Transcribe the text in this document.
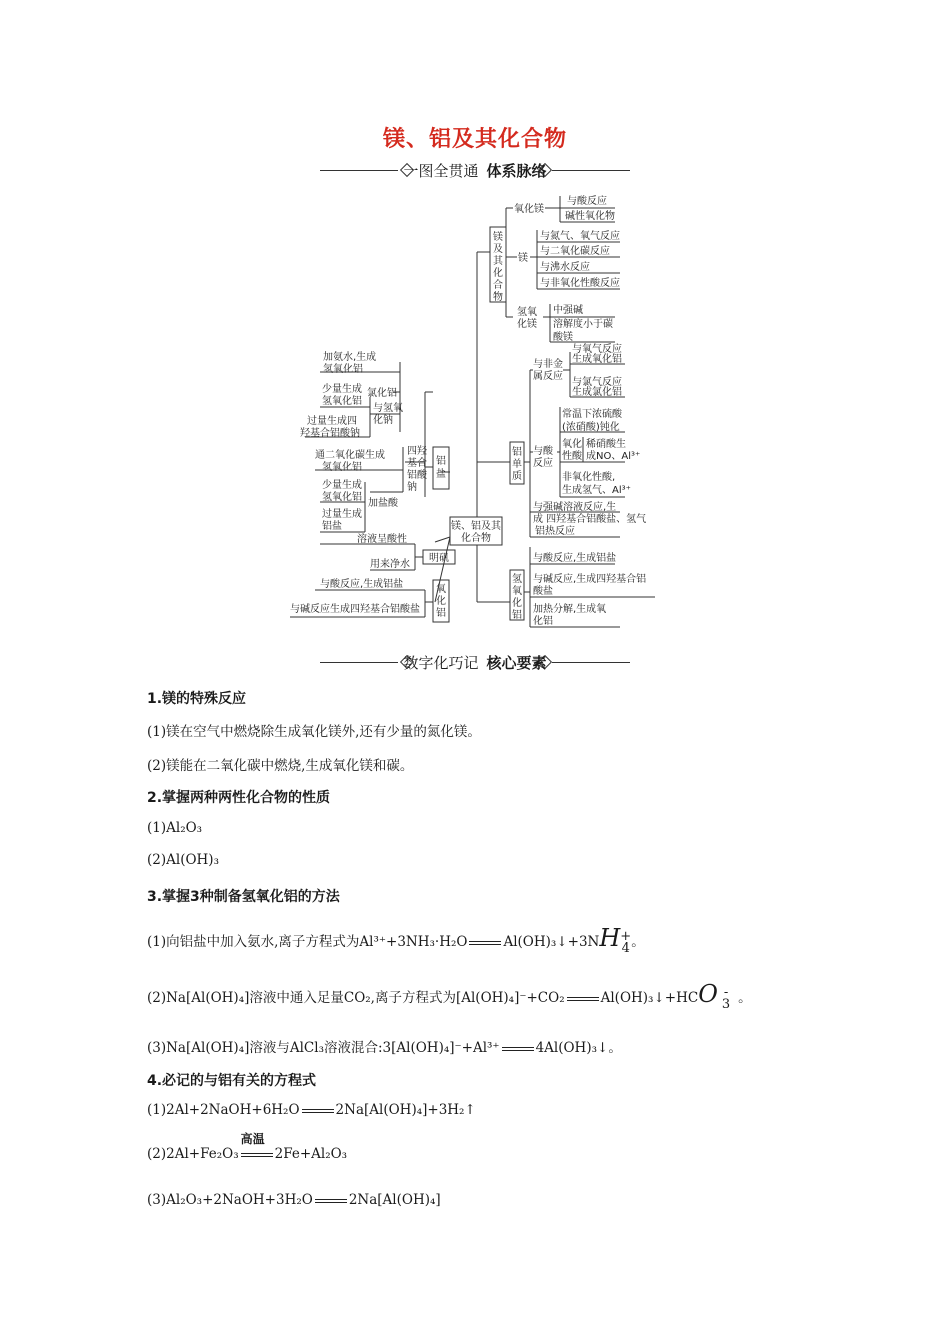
镁、铝及其化合物
一图全贯通 体系脉络
镁、铝及其
化合物
镁
及
其
化
合
物
氧化镁
与酸反应
碱性氧化物
镁
与氮气、氧气反应
与二氧化碳反应
与沸水反应
与非氧化性酸反应
氢氧
化镁
中强碱
溶解度小于碳
酸镁
铝
单
质
与非金
属反应
与氧气反应
生成氧化铝
与氯气反应
生成氯化铝
与酸
反应
常温下浓硫酸
(浓硝酸)钝化
氧化
性酸
稀硝酸生
成NO、Al³⁺
非氧化性酸,
生成氢气、Al³⁺
与强碱溶液反应,生
成 四羟基合铝酸盐、氢气
铝热反应
氢
氧
化
铝
与酸反应,生成铝盐
与碱反应,生成四羟基合铝
酸盐
加热分解,生成氧
化铝
铝
盐
氯化铝
加氨水,生成
氢氧化铝
少量生成
氢氧化铝
过量生成四
羟基合铝酸钠
与氢氧
化钠
四羟
基合
铝酸
钠
通二氧化碳生成
氢氧化铝
少量生成
氢氧化铝
过量生成
铝盐
加盐酸
明矾
溶液呈酸性
用来净水
氧
化
铝
与酸反应,生成铝盐
与碱反应生成四羟基合铝酸盐
数字化巧记 核心要素
1.镁的特殊反应
(1)镁在空气中燃烧除生成氧化镁外,还有少量的氮化镁。
(2)镁能在二氧化碳中燃烧,生成氧化镁和碳。
2.掌握两种两性化合物的性质
(1)Al₂O₃
(2)Al(OH)₃
3.掌握3种制备氢氧化铝的方法
(1)向铝盐中加入氨水,离子方程式为Al³⁺+3NH₃·H₂O	Al(OH)₃↓+3NH +
4 。
(2)Na[Al(OH)₄]溶液中通入足量CO₂,离子方程式为[Al(OH)₄]⁻+CO₂	Al(OH)₃↓+HCO -
3 。
(3)Na[Al(OH)₄]溶液与AlCl₃溶液混合:3[Al(OH)₄]⁻+Al³⁺	4Al(OH)₃↓。
4.必记的与铝有关的方程式
(1)2Al+2NaOH+6H₂O	2Na[Al(OH)₄]+3H₂↑
(2)2Al+Fe₂O₃
高温
2Fe+Al₂O₃
(3)Al₂O₃+2NaOH+3H₂O	2Na[Al(OH)₄]
